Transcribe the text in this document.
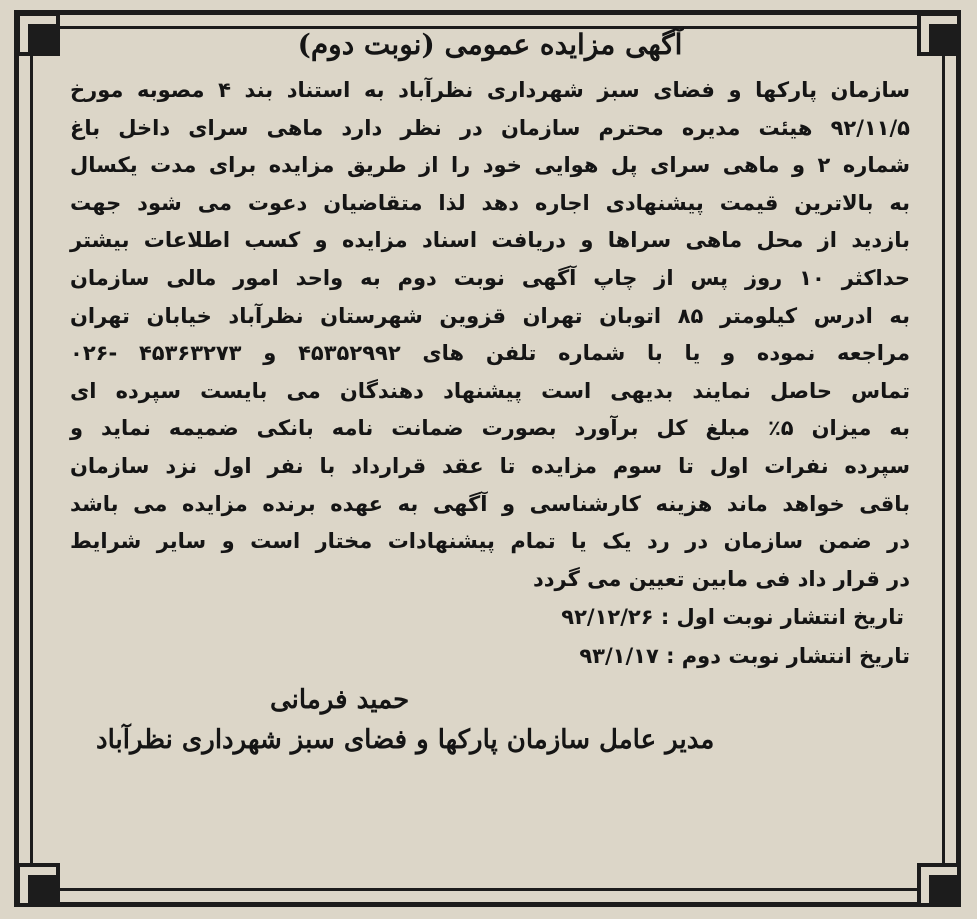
آگهی مزایده عمومی (نوبت دوم)
سازمان پارکها و فضای سبز شهرداری نظرآباد به استناد بند ۴ مصوبه مورخ
۹۲/۱۱/۵ هیئت مدیره محترم سازمان در نظر دارد ماهی سرای داخل باغ
شماره ۲ و ماهی سرای پل هوایی خود را از طریق مزایده برای مدت یکسال
به بالاترین قیمت پیشنهادی اجاره دهد لذا متقاضیان دعوت می شود جهت
بازدید از محل ماهی سراها و دریافت اسناد مزایده و کسب اطلاعات بیشتر
حداکثر ۱۰ روز پس از چاپ آگهی نوبت دوم به واحد امور مالی سازمان
به ادرس کیلومتر ۸۵ اتوبان تهران قزوین شهرستان نظرآباد خیابان تهران
مراجعه نموده و یا با شماره تلفن های ۴۵۳۵۲۹۹۲ و ۴۵۳۶۳۲۷۳ -۰۲۶
تماس حاصل نمایند بدیهی است پیشنهاد دهندگان می بایست سپرده ای
به میزان ۵٪ مبلغ کل برآورد بصورت ضمانت نامه بانکی ضمیمه نماید و
سپرده نفرات اول تا سوم مزایده تا عقد قرارداد با نفر اول نزد سازمان
باقی خواهد ماند هزینه کارشناسی و آگهی به عهده برنده مزایده می باشد
در ضمن سازمان در رد یک یا تمام پیشنهادات مختار است و سایر شرایط
در قرار داد فی مابین تعیین می گردد
تاریخ انتشار نوبت اول : ۹۲/۱۲/۲۶
تاریخ انتشار نوبت دوم : ۹۳/۱/۱۷
حمید فرمانی
مدیر عامل سازمان پارکها و فضای سبز شهرداری نظرآباد
